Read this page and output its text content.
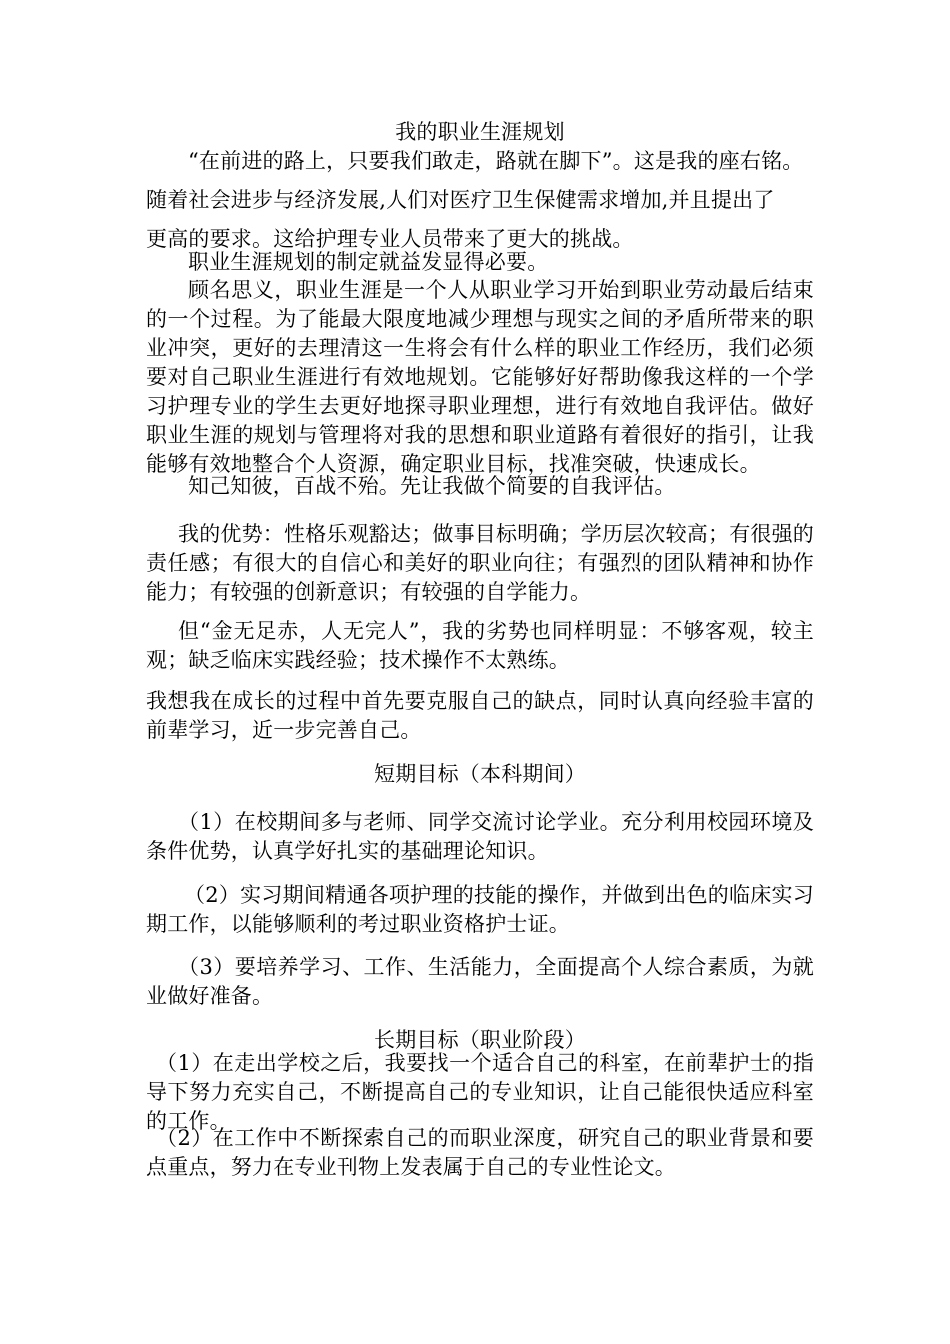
我的职业生涯规划

“在前进的路上，只要我们敢走，路就在脚下”。这是我的座右铭。

随着社会进步与经济发展,人们对医疗卫生保健需求增加,并且提出了

更高的要求。这给护理专业人员带来了更大的挑战。

职业生涯规划的制定就益发显得必要。

顾名思义，职业生涯是一个人从职业学习开始到职业劳动最后结束的一个过程。为了能最大限度地减少理想与现实之间的矛盾所带来的职业冲突，更好的去理清这一生将会有什么样的职业工作经历，我们必须要对自己职业生涯进行有效地规划。它能够好好帮助像我这样的一个学习护理专业的学生去更好地探寻职业理想，进行有效地自我评估。做好职业生涯的规划与管理将对我的思想和职业道路有着很好的指引，让我能够有效地整合个人资源，确定职业目标，找准突破，快速成长。

知己知彼，百战不殆。先让我做个简要的自我评估。

我的优势：性格乐观豁达；做事目标明确；学历层次较高；有很强的责任感；有很大的自信心和美好的职业向往；有强烈的团队精神和协作能力；有较强的创新意识；有较强的自学能力。

但“金无足赤，人无完人”，我的劣势也同样明显：不够客观，较主观；缺乏临床实践经验；技术操作不太熟练。

我想我在成长的过程中首先要克服自己的缺点，同时认真向经验丰富的前辈学习，近一步完善自己。

短期目标（本科期间）

（1）在校期间多与老师、同学交流讨论学业。充分利用校园环境及条件优势，认真学好扎实的基础理论知识。

（2）实习期间精通各项护理的技能的操作，并做到出色的临床实习期工作，以能够顺利的考过职业资格护士证。

（3）要培养学习、工作、生活能力，全面提高个人综合素质，为就业做好准备。

长期目标（职业阶段）

（1）在走出学校之后，我要找一个适合自己的科室，在前辈护士的指导下努力充实自己，不断提高自己的专业知识，让自己能很快适应科室的工作。

（2）在工作中不断探索自己的而职业深度，研究自己的职业背景和要点重点，努力在专业刊物上发表属于自己的专业性论文。
